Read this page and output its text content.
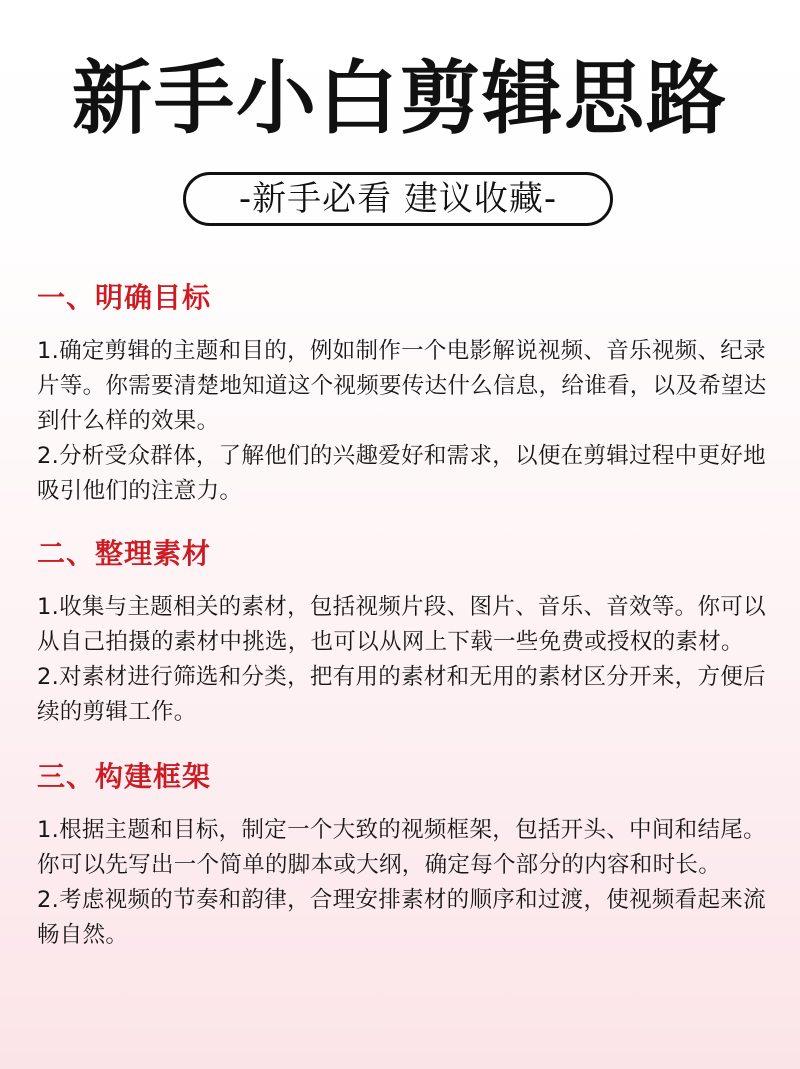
新手小白剪辑思路
-新手必看 建议收藏-
一、明确目标

1.确定剪辑的主题和目的，例如制作一个电影解说视频、音乐视频、纪录片等。你需要清楚地知道这个视频要传达什么信息，给谁看，以及希望达到什么样的效果。

2.分析受众群体，了解他们的兴趣爱好和需求，以便在剪辑过程中更好地吸引他们的注意力。

二、整理素材

1.收集与主题相关的素材，包括视频片段、图片、音乐、音效等。你可以从自己拍摄的素材中挑选，也可以从网上下载一些免费或授权的素材。

2.对素材进行筛选和分类，把有用的素材和无用的素材区分开来，方便后续的剪辑工作。

三、构建框架

1.根据主题和目标，制定一个大致的视频框架，包括开头、中间和结尾。你可以先写出一个简单的脚本或大纲，确定每个部分的内容和时长。

2.考虑视频的节奏和韵律，合理安排素材的顺序和过渡，使视频看起来流畅自然。
